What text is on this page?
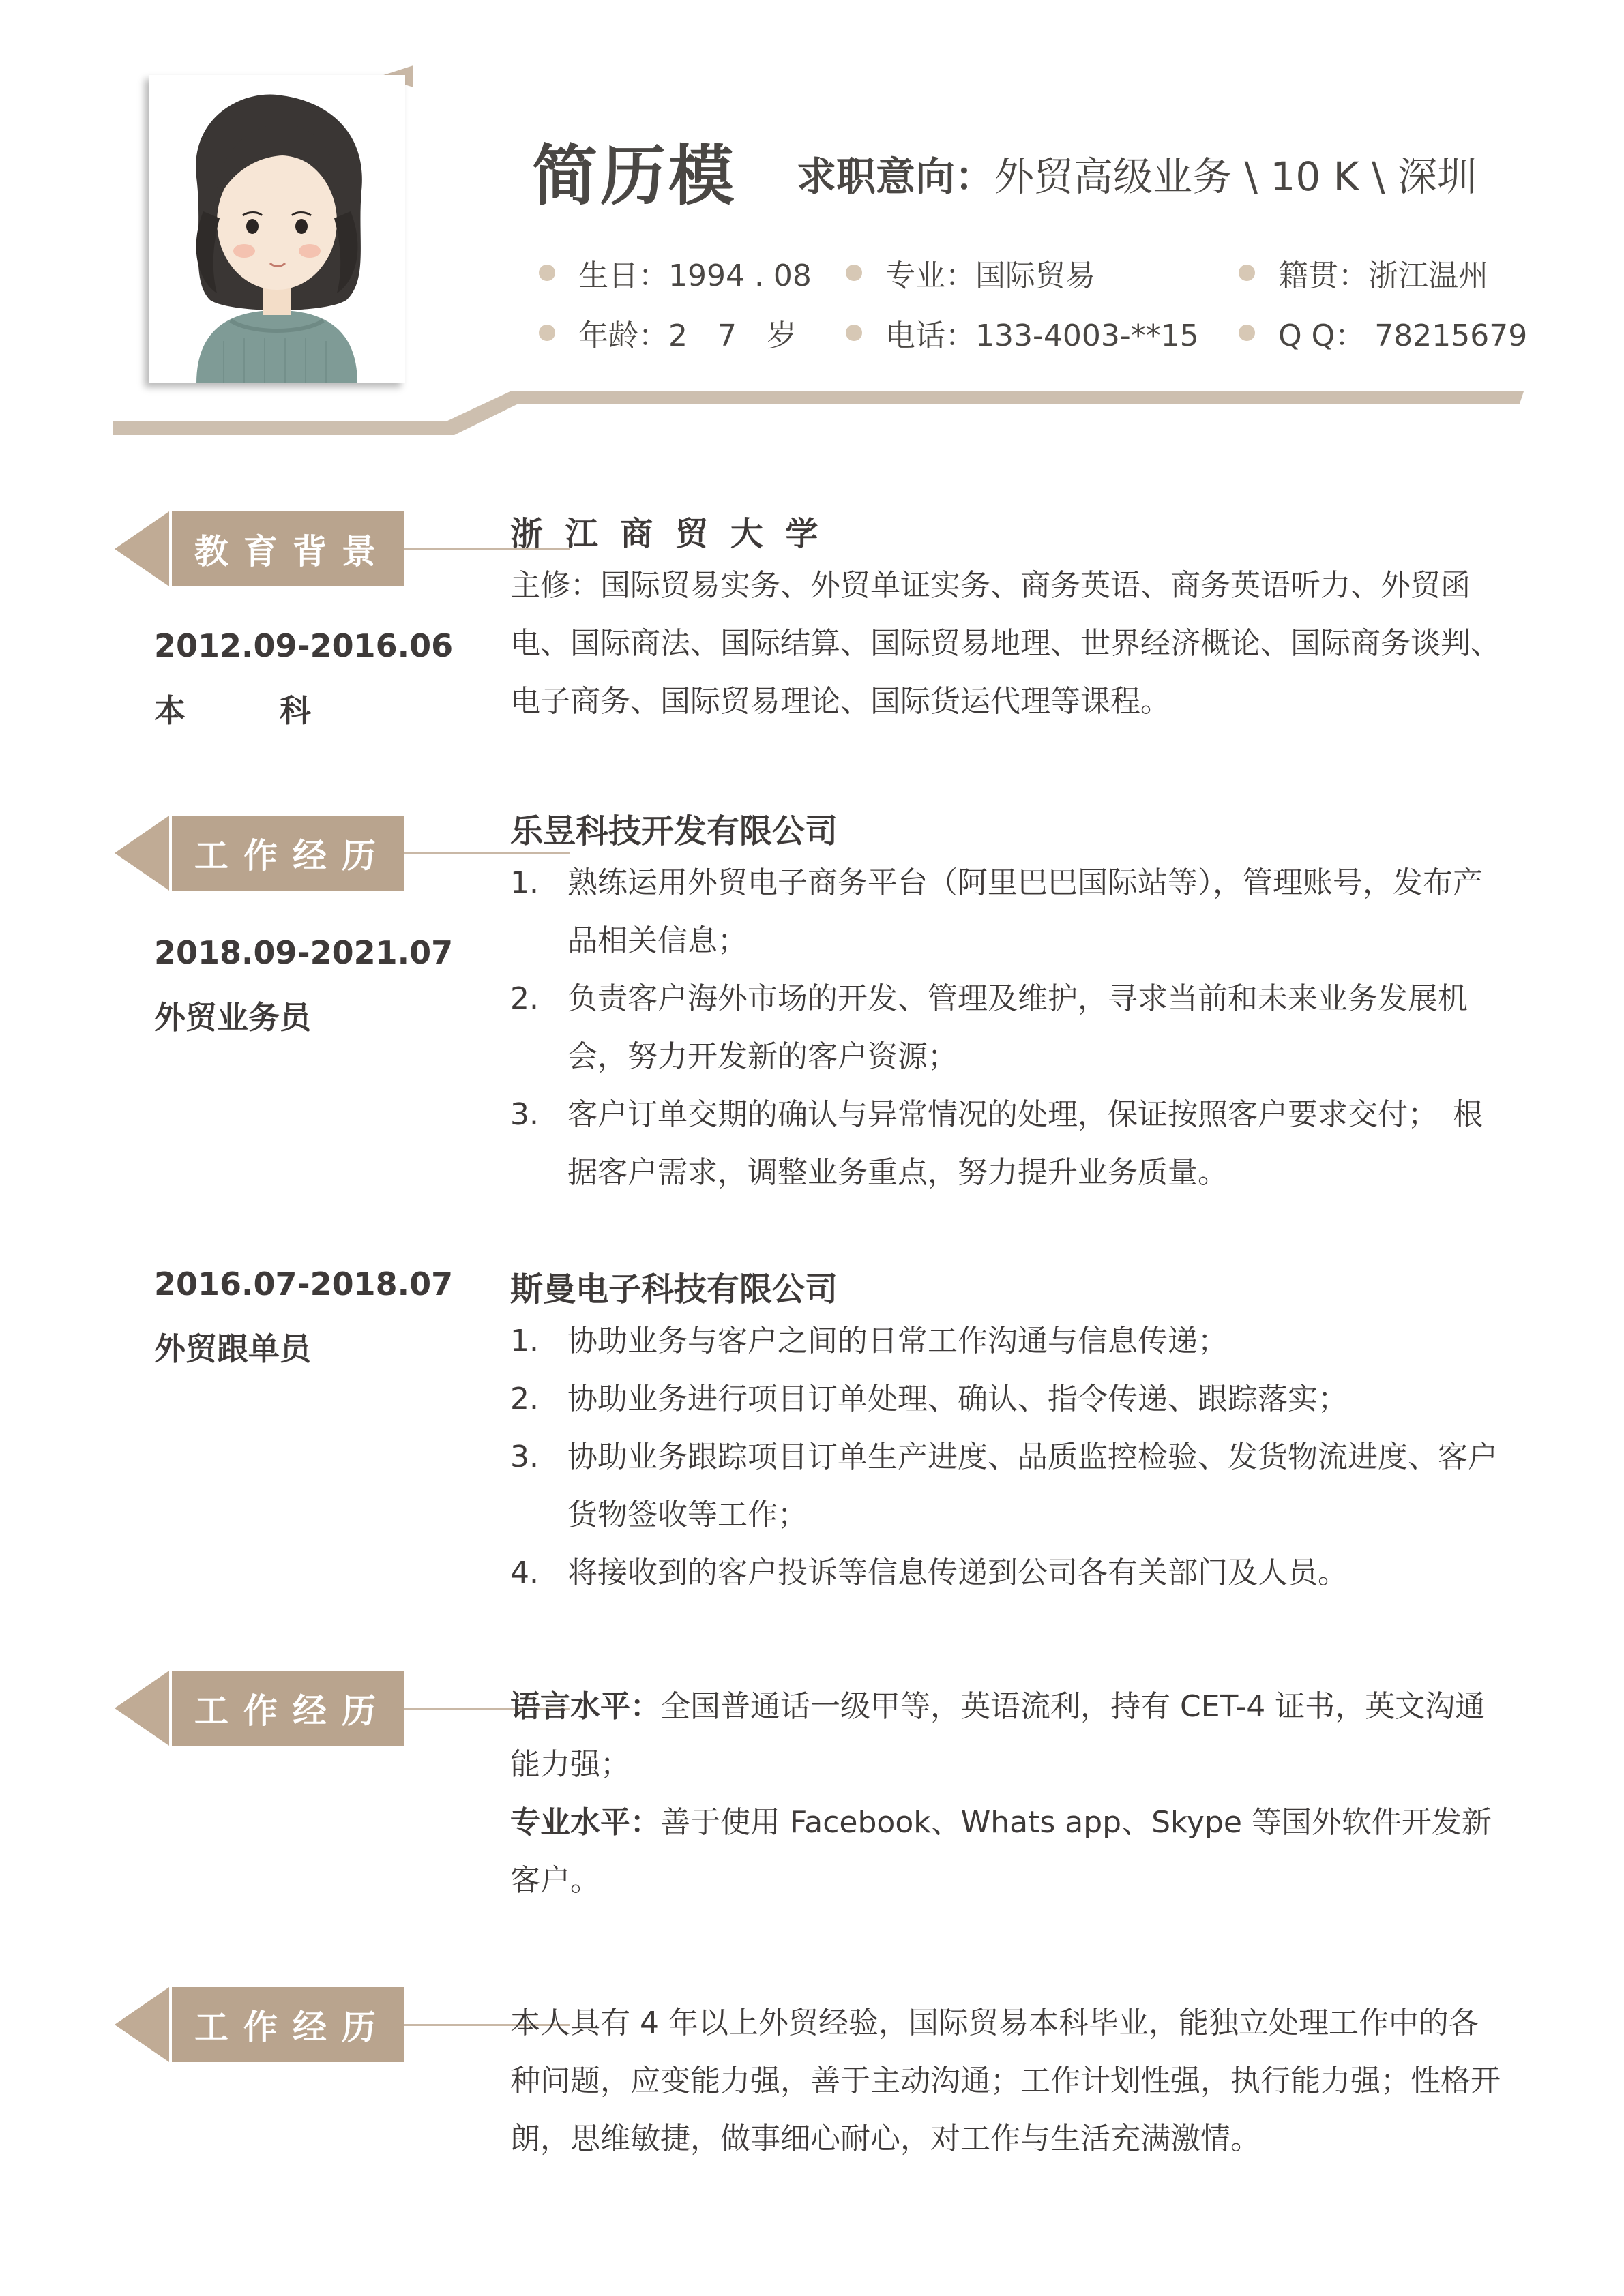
简历模 求职意向：外贸高级业务 \ 10 K \ 深圳
生日：1994 . 08 专业：国际贸易	籍贯：浙江温州
年龄：2　7　岁	电话：133-4003-**15	Q Q： 78215679
教育背景
2012.09-2016.06
本　　　科
浙 江 商 贸 大 学
主修：国际贸易实务、外贸单证实务、商务英语、商务英语听力、外贸函电、国际商法、国际结算、国际贸易地理、世界经济概论、国际商务谈判、电子商务、国际贸易理论、国际货运代理等课程。
工作经历
2018.09-2021.07
外贸业务员
乐昱科技开发有限公司
1. 熟练运用外贸电子商务平台（阿里巴巴国际站等），管理账号，发布产品相关信息；
2. 负责客户海外市场的开发、管理及维护，寻求当前和未来业务发展机会，努力开发新的客户资源；
3. 客户订单交期的确认与异常情况的处理，保证按照客户要求交付；　根据客户需求，调整业务重点，努力提升业务质量。
2016.07-2018.07
外贸跟单员
斯曼电子科技有限公司
1. 协助业务与客户之间的日常工作沟通与信息传递；
2. 协助业务进行项目订单处理、确认、指令传递、跟踪落实；
3. 协助业务跟踪项目订单生产进度、品质监控检验、发货物流进度、客户货物签收等工作；
4. 将接收到的客户投诉等信息传递到公司各有关部门及人员。
工作经历	语言水平：全国普通话一级甲等，英语流利，持有 CET-4 证书，英文沟通能力强；
专业水平：善于使用 Facebook、Whats app、Skype 等国外软件开发新客户。
工作经历	本人具有 4 年以上外贸经验，国际贸易本科毕业，能独立处理工作中的各种问题，应变能力强，善于主动沟通；工作计划性强，执行能力强；性格开朗，思维敏捷，做事细心耐心，对工作与生活充满激情。
